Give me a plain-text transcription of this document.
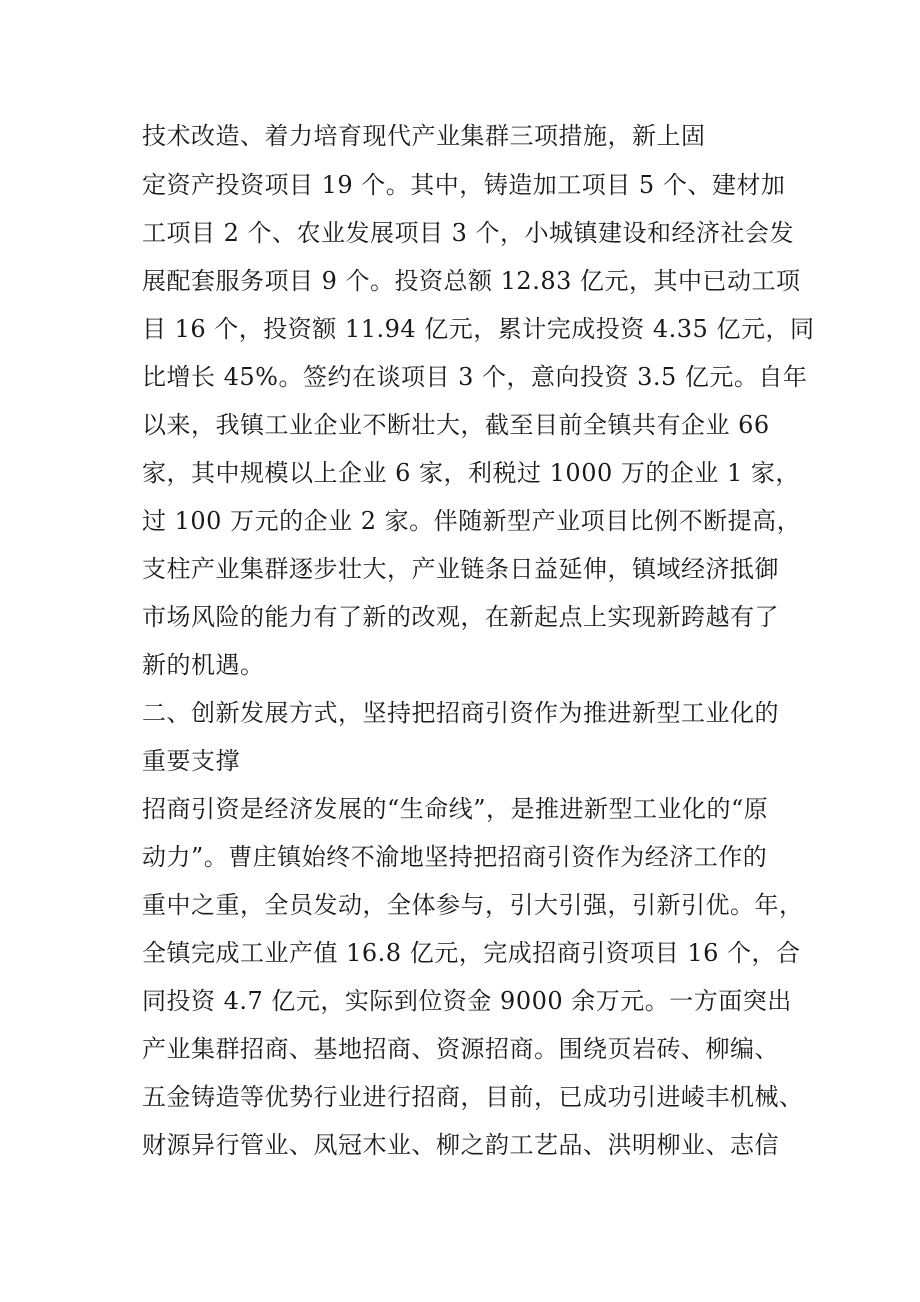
技术改造、着力培育现代产业集群三项措施，新上固
定资产投资项目 19 个。其中，铸造加工项目 5 个、建材加
工项目 2 个、农业发展项目 3 个，小城镇建设和经济社会发
展配套服务项目 9 个。投资总额 12.83 亿元，其中已动工项
目 16 个，投资额 11.94 亿元，累计完成投资 4.35 亿元，同
比增长 45%。签约在谈项目 3 个，意向投资 3.5 亿元。自年
以来，我镇工业企业不断壮大，截至目前全镇共有企业 66
家，其中规模以上企业 6 家，利税过 1000 万的企业 1 家，
过 100 万元的企业 2 家。伴随新型产业项目比例不断提高，
支柱产业集群逐步壮大，产业链条日益延伸，镇域经济抵御
市场风险的能力有了新的改观，在新起点上实现新跨越有了
新的机遇。
二、创新发展方式，坚持把招商引资作为推进新型工业化的
重要支撑
招商引资是经济发展的“生命线”，是推进新型工业化的“原
动力”。曹庄镇始终不渝地坚持把招商引资作为经济工作的
重中之重，全员发动，全体参与，引大引强，引新引优。年，
全镇完成工业产值 16.8 亿元，完成招商引资项目 16 个，合
同投资 4.7 亿元，实际到位资金 9000 余万元。一方面突出
产业集群招商、基地招商、资源招商。围绕页岩砖、柳编、
五金铸造等优势行业进行招商，目前，已成功引进崚丰机械、
财源异行管业、凤冠木业、柳之韵工艺品、洪明柳业、志信
